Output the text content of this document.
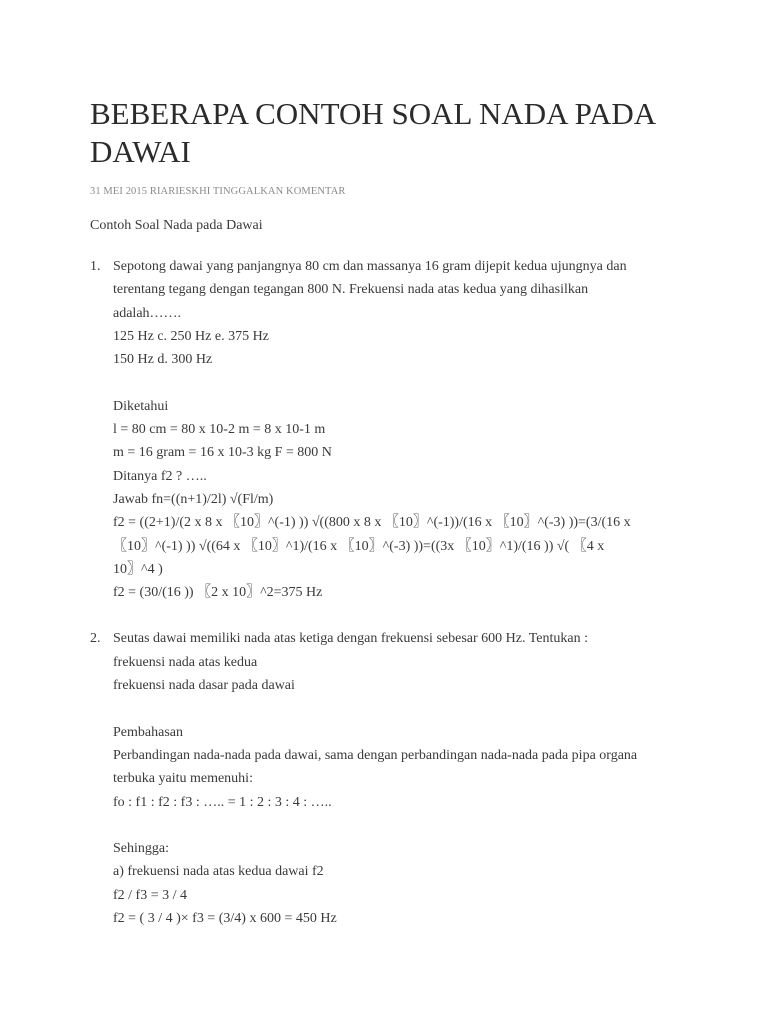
BEBERAPA CONTOH SOAL NADA PADA DAWAI
31 MEI 2015 RIARIESKHI TINGGALKAN KOMENTAR
Contoh Soal Nada pada Dawai
1. Sepotong dawai yang panjangnya 80 cm dan massanya 16 gram dijepit kedua ujungnya dan
terentang tegang dengan tegangan 800 N. Frekuensi nada atas kedua yang dihasilkan
adalah…….
125 Hz c. 250 Hz e. 375 Hz
150 Hz d. 300 Hz
Diketahui
l = 80 cm = 80 x 10-2 m = 8 x 10-1 m
m = 16 gram = 16 x 10-3 kg F = 800 N
Ditanya f2 ? …..
Jawab fn=((n+1)/2l) √(Fl/m)
f2 = ((2+1)/(2 x 8 x 〖10〗^(-1) )) √((800 x 8 x 〖10〗^(-1))/(16 x 〖10〗^(-3) ))=(3/(16 x
〖10〗^(-1) )) √((64 x 〖10〗^1)/(16 x 〖10〗^(-3) ))=((3x 〖10〗^1)/(16 )) √( 〖4 x
10〗^4 )
f2 = (30/(16 )) 〖2 x 10〗^2=375 Hz
2. Seutas dawai memiliki nada atas ketiga dengan frekuensi sebesar 600 Hz. Tentukan :
frekuensi nada atas kedua
frekuensi nada dasar pada dawai
Pembahasan
Perbandingan nada-nada pada dawai, sama dengan perbandingan nada-nada pada pipa organa
terbuka yaitu memenuhi:
fo : f1 : f2 : f3 : ….. = 1 : 2 : 3 : 4 : …..
Sehingga:
a) frekuensi nada atas kedua dawai f2
f2 / f3 = 3 / 4
f2 = ( 3 / 4 )× f3 = (3/4) x 600 = 450 Hz
